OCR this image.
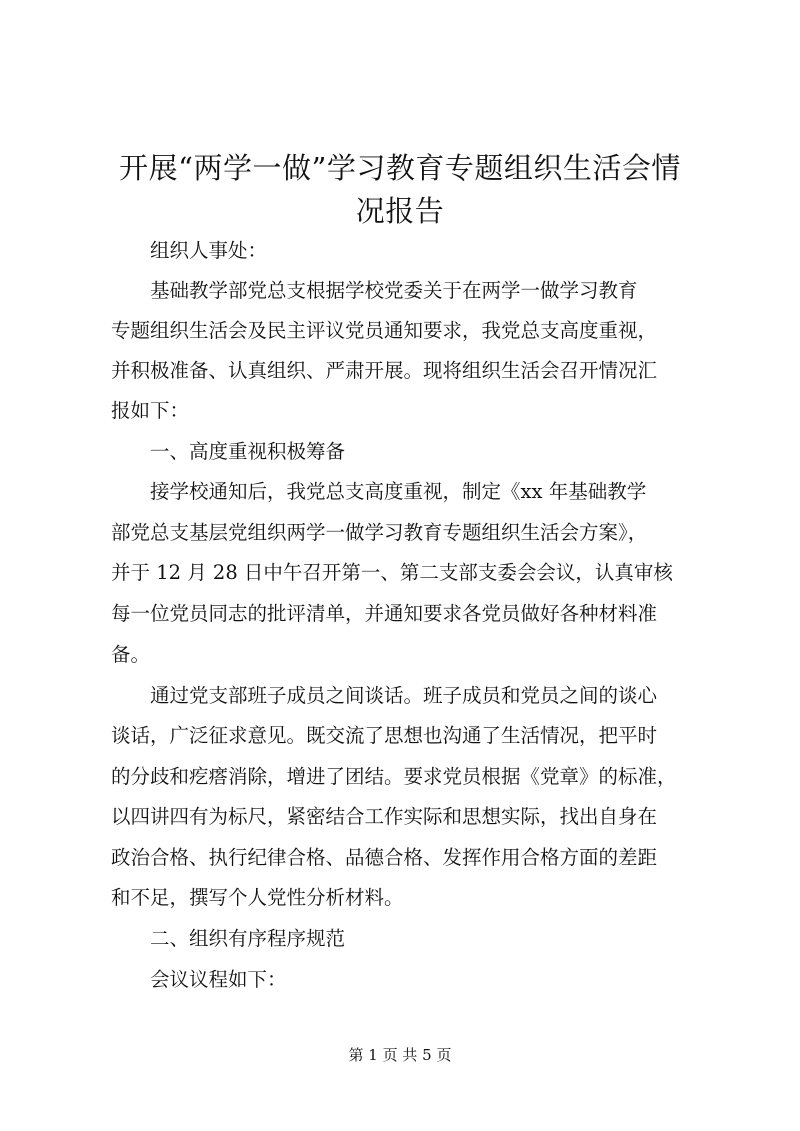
开展“两学一做”学习教育专题组织生活会情
况报告

　　组织人事处：

　　基础教学部党总支根据学校党委关于在两学一做学习教育

专题组织生活会及民主评议党员通知要求，我党总支高度重视，

并积极准备、认真组织、严肃开展。现将组织生活会召开情况汇

报如下：

　　一、高度重视积极筹备

　　接学校通知后，我党总支高度重视，制定《xx 年基础教学

部党总支基层党组织两学一做学习教育专题组织生活会方案》，

并于 12 月 28 日中午召开第一、第二支部支委会会议，认真审核

每一位党员同志的批评清单，并通知要求各党员做好各种材料准

备。

　　通过党支部班子成员之间谈话。班子成员和党员之间的谈心

谈话，广泛征求意见。既交流了思想也沟通了生活情况，把平时

的分歧和疙瘩消除，增进了团结。要求党员根据《党章》的标准，

以四讲四有为标尺，紧密结合工作实际和思想实际，找出自身在

政治合格、执行纪律合格、品德合格、发挥作用合格方面的差距

和不足，撰写个人党性分析材料。

　　二、组织有序程序规范

　　会议议程如下：

第 1 页 共 5 页
